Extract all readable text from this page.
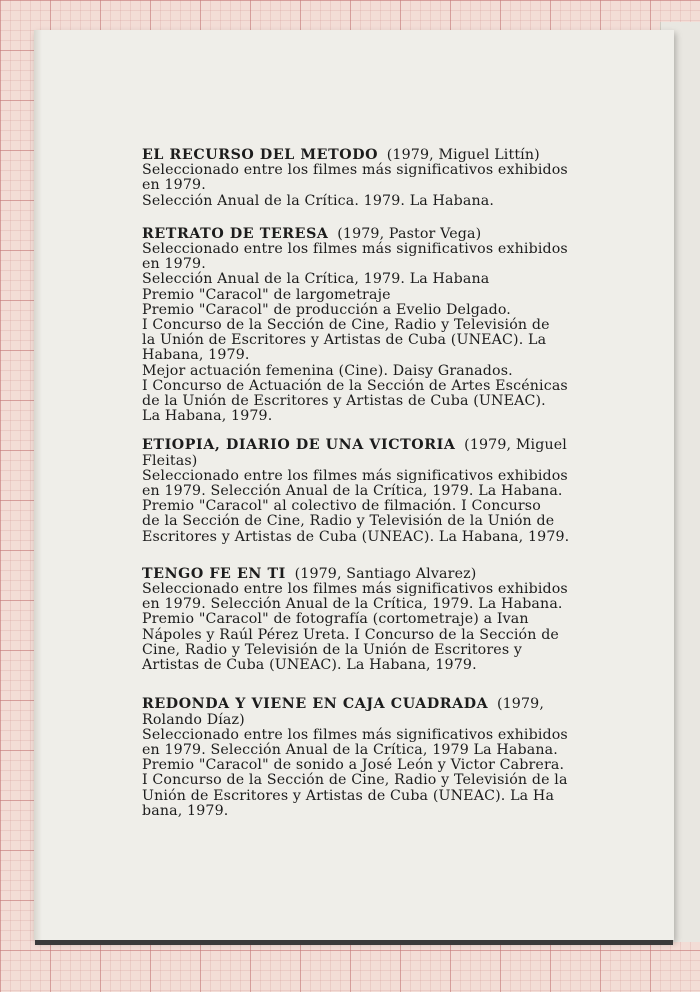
EL RECURSO DEL METODO (1979, Miguel Littín)
Seleccionado entre los filmes más significativos exhibidos
en 1979.
Selección Anual de la Crítica. 1979. La Habana.
RETRATO DE TERESA (1979, Pastor Vega)
Seleccionado entre los filmes más significativos exhibidos
en 1979.
Selección Anual de la Crítica, 1979. La Habana
Premio "Caracol" de largometraje
Premio "Caracol" de producción a Evelio Delgado.
I Concurso de la Sección de Cine, Radio y Televisión de
la Unión de Escritores y Artistas de Cuba (UNEAC). La
Habana, 1979.
Mejor actuación femenina (Cine). Daisy Granados.
I Concurso de Actuación de la Sección de Artes Escénicas
de la Unión de Escritores y Artistas de Cuba (UNEAC).
La Habana, 1979.
ETIOPIA, DIARIO DE UNA VICTORIA (1979, Miguel
Fleitas)
Seleccionado entre los filmes más significativos exhibidos
en 1979. Selección Anual de la Crítica, 1979. La Habana.
Premio "Caracol" al colectivo de filmación. I Concurso
de la Sección de Cine, Radio y Televisión de la Unión de
Escritores y Artistas de Cuba (UNEAC). La Habana, 1979.
TENGO FE EN TI (1979, Santiago Alvarez)
Seleccionado entre los filmes más significativos exhibidos
en 1979. Selección Anual de la Crítica, 1979. La Habana.
Premio "Caracol" de fotografía (cortometraje) a Ivan
Nápoles y Raúl Pérez Ureta. I Concurso de la Sección de
Cine, Radio y Televisión de la Unión de Escritores y
Artistas de Cuba (UNEAC). La Habana, 1979.
REDONDA Y VIENE EN CAJA CUADRADA (1979,
Rolando Díaz)
Seleccionado entre los filmes más significativos exhibidos
en 1979. Selección Anual de la Crítica, 1979 La Habana.
Premio "Caracol" de sonido a José León y Victor Cabrera.
I Concurso de la Sección de Cine, Radio y Televisión de la
Unión de Escritores y Artistas de Cuba (UNEAC). La Ha
bana, 1979.
